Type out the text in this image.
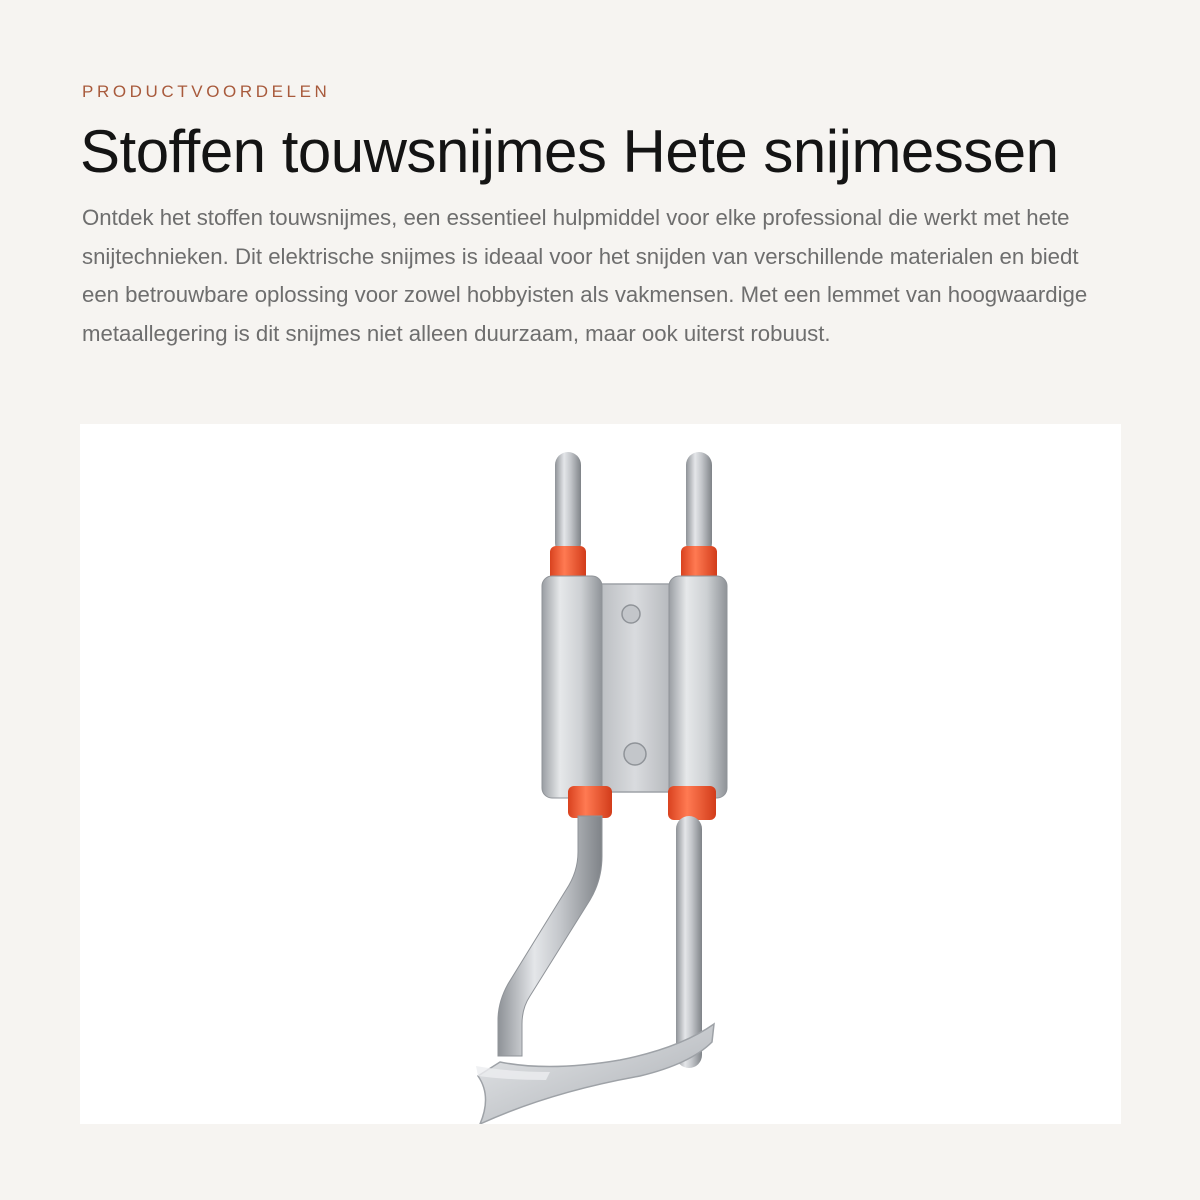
PRODUCTVOORDELEN
Stoffen touwsnijmes Hete snijmessen

Ontdek het stoffen touwsnijmes, een essentieel hulpmiddel voor elke professional die werkt met hete snijtechnieken. Dit elektrische snijmes is ideaal voor het snijden van verschillende materialen en biedt een betrouwbare oplossing voor zowel hobbyisten als vakmensen. Met een lemmet van hoogwaardige metaallegering is dit snijmes niet alleen duurzaam, maar ook uiterst robuust.
